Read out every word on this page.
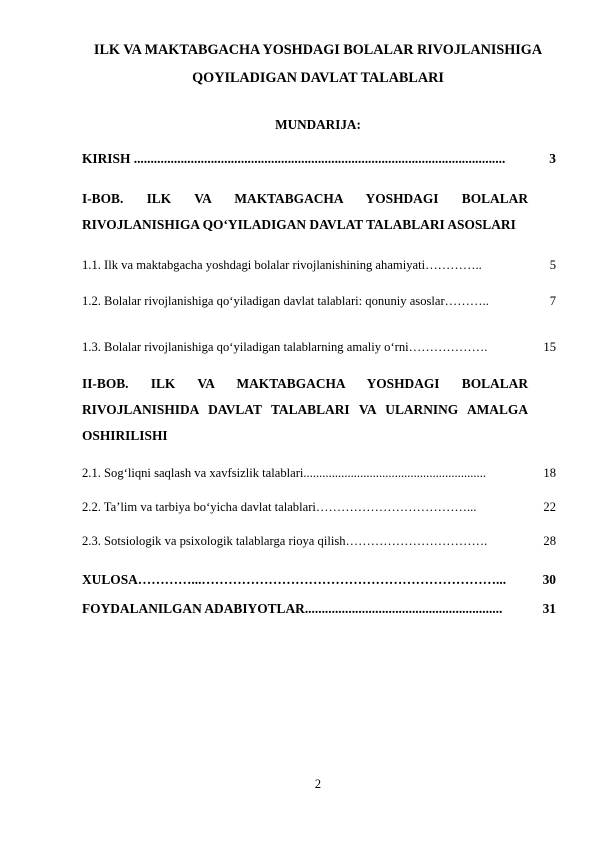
ILK VA MAKTABGACHA YOSHDAGI BOLALAR RIVOJLANISHIGA
QOYILADIGAN DAVLAT TALABLARI
MUNDARIJA:
KIRISH ...............................................................................................................	3
I-BOB. ILK VA MAKTABGACHA YOSHDAGI BOLALAR RIVOJLANISHIGA QO‘YILADIGAN DAVLAT TALABLARI ASOSLARI
1.1. Ilk va maktabgacha yoshdagi bolalar rivojlanishining ahamiyati…………..	5
1.2. Bolalar rivojlanishiga qo‘yiladigan davlat talablari: qonuniy asoslar………..	7
1.3. Bolalar rivojlanishiga qo‘yiladigan talablarning amaliy o‘rni……………….	15
II-BOB. ILK VA MAKTABGACHA YOSHDAGI BOLALAR RIVOJLANISHIDA DAVLAT TALABLARI VA ULARNING AMALGA OSHIRILISHI
2.1. Sog‘liqni saqlash va xavfsizlik talablari..........................................................	18
2.2. Ta’lim va tarbiya bo‘yicha davlat talablari………………………………...	22
2.3. Sotsiologik va psixologik talablarga rioya qilish…………………………….	28
XULOSA…………...…………………………………………………………...	30
FOYDALANILGAN ADABIYOTLAR...........................................................	31
2
